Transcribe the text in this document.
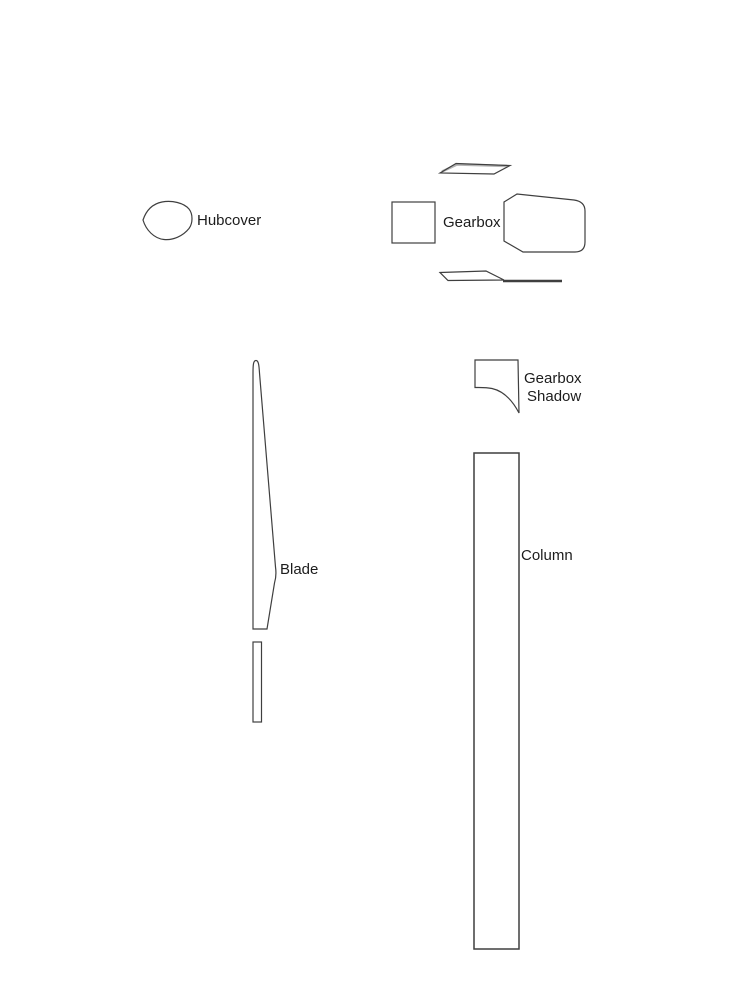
Hubcover	Gearbox
Gearbox
Shadow
Blade
Column
